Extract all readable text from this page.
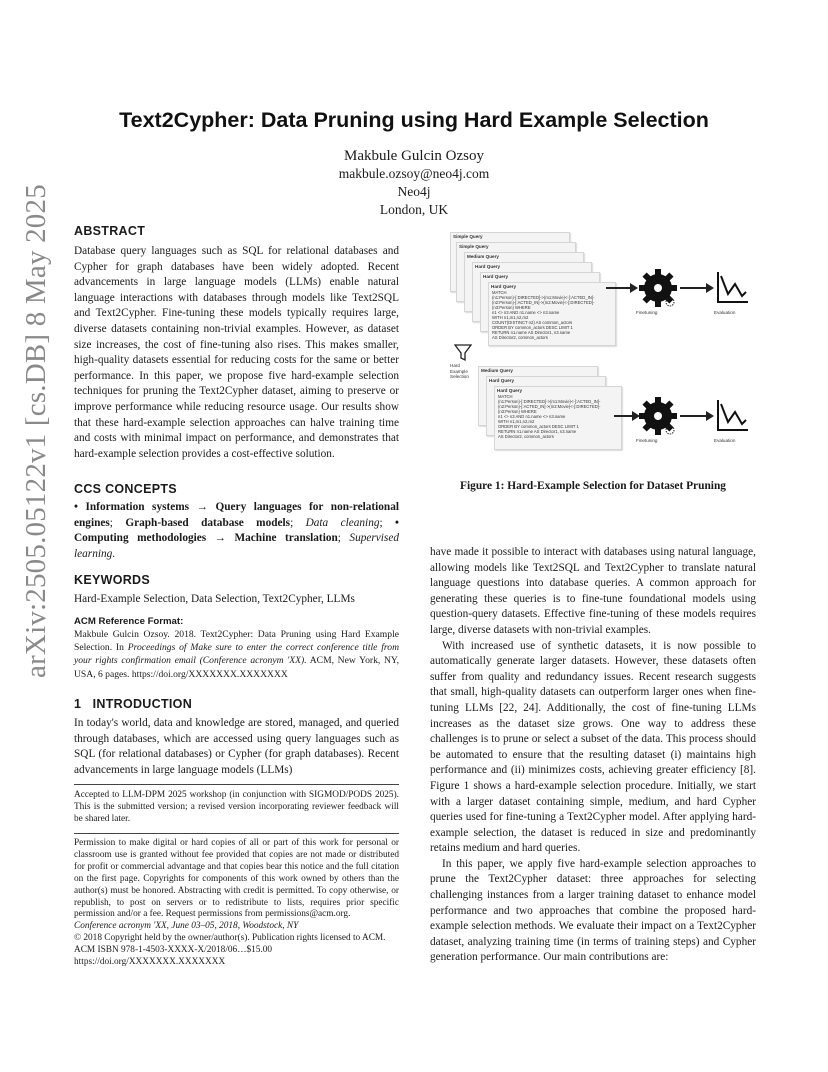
arXiv:2505.05122v1 [cs.DB] 8 May 2025
Text2Cypher: Data Pruning using Hard Example Selection
Makbule Gulcin Ozsoy
makbule.ozsoy@neo4j.com
Neo4j
London, UK
ABSTRACT

Database query languages such as SQL for relational databases and Cypher for graph databases have been widely adopted. Recent advancements in large language models (LLMs) enable natural language interactions with databases through models like Text2SQL and Text2Cypher. Fine-tuning these models typically requires large, diverse datasets containing non-trivial examples. However, as dataset size increases, the cost of fine-tuning also rises. This makes smaller, high-quality datasets essential for reducing costs for the same or better performance. In this paper, we propose five hard-example selection techniques for pruning the Text2Cypher dataset, aiming to preserve or improve performance while reducing resource usage. Our results show that these hard-example selection approaches can halve training time and costs with minimal impact on performance, and demonstrates that hard-example selection provides a cost-effective solution.

CCS CONCEPTS

• Information systems → Query languages for non-relational engines; Graph-based database models; Data cleaning; • Computing methodologies → Machine translation; Supervised learning.

KEYWORDS

Hard-Example Selection, Data Selection, Text2Cypher, LLMs

ACM Reference Format:

Makbule Gulcin Ozsoy. 2018. Text2Cypher: Data Pruning using Hard Example Selection. In Proceedings of Make sure to enter the correct conference title from your rights confirmation email (Conference acronym 'XX). ACM, New York, NY, USA, 6 pages. https://doi.org/XXXXXXX.XXXXXXX

1 INTRODUCTION

In today's world, data and knowledge are stored, managed, and queried through databases, which are accessed using query languages such as SQL (for relational databases) or Cypher (for graph databases). Recent advancements in large language models (LLMs)

Accepted to LLM-DPM 2025 workshop (in conjunction with SIGMOD/PODS 2025). This is the submitted version; a revised version incorporating reviewer feedback will be shared later.

Permission to make digital or hard copies of all or part of this work for personal or classroom use is granted without fee provided that copies are not made or distributed for profit or commercial advantage and that copies bear this notice and the full citation on the first page. Copyrights for components of this work owned by others than the author(s) must be honored. Abstracting with credit is permitted. To copy otherwise, or republish, to post on servers or to redistribute to lists, requires prior specific permission and/or a fee. Request permissions from permissions@acm.org.

Conference acronym 'XX, June 03–05, 2018, Woodstock, NY
© 2018 Copyright held by the owner/author(s). Publication rights licensed to ACM.
ACM ISBN 978-1-4503-XXXX-X/2018/06…$15.00
https://doi.org/XXXXXXX.XXXXXXX
Simple Query
Simple Query
Medium Query
Hard Query
Hard Query
Hard Query
MATCH
(n1:Person)-[:DIRECTED]->(m1:Movie)<-[:ACTED_IN]-(n2:Person)-[:ACTED_IN]->(m2:Movie)<-[:DIRECTED]-(n3:Person) WHERE
n1 <> n3 AND n1.name <> n3.name
WITH n1,m1,n2,m2
COUNT(DISTINCT n2) AS common_actors
ORDER BY common_actors DESC LIMIT 1
RETURN n1.name AS Director1, n3.name
AS Director2, common_actors
Hard
Example
Selection
Medium Query
Hard Query
Hard Query
MATCH
(n1:Person)-[:DIRECTED]->(m1:Movie)<-[:ACTED_IN]-(n2:Person)-[:ACTED_IN]->(m2:Movie)<-[:DIRECTED]-(n3:Person) WHERE
n1 <> n3 AND n1.name <> n3.name
WITH n1,m1,n2,m2
ORDER BY common_actors DESC LIMIT 1
RETURN n1.name AS Director1, n3.name
AS Director2, common_actors
Finetuning	Evaluation
Finetuning	Evaluation
Figure 1: Hard-Example Selection for Dataset Pruning

have made it possible to interact with databases using natural language, allowing models like Text2SQL and Text2Cypher to translate natural language questions into database queries. A common approach for generating these queries is to fine-tune foundational models using question-query datasets. Effective fine-tuning of these models requires large, diverse datasets with non-trivial examples.

With increased use of synthetic datasets, it is now possible to automatically generate larger datasets. However, these datasets often suffer from quality and redundancy issues. Recent research suggests that small, high-quality datasets can outperform larger ones when fine-tuning LLMs [22, 24]. Additionally, the cost of fine-tuning LLMs increases as the dataset size grows. One way to address these challenges is to prune or select a subset of the data. This process should be automated to ensure that the resulting dataset (i) maintains high performance and (ii) minimizes costs, achieving greater efficiency [8]. Figure 1 shows a hard-example selection procedure. Initially, we start with a larger dataset containing simple, medium, and hard Cypher queries used for fine-tuning a Text2Cypher model. After applying hard-example selection, the dataset is reduced in size and predominantly retains medium and hard queries.

In this paper, we apply five hard-example selection approaches to prune the Text2Cypher dataset: three approaches for selecting challenging instances from a larger training dataset to enhance model performance and two approaches that combine the proposed hard-example selection methods. We evaluate their impact on a Text2Cypher dataset, analyzing training time (in terms of training steps) and Cypher generation performance. Our main contributions are:
